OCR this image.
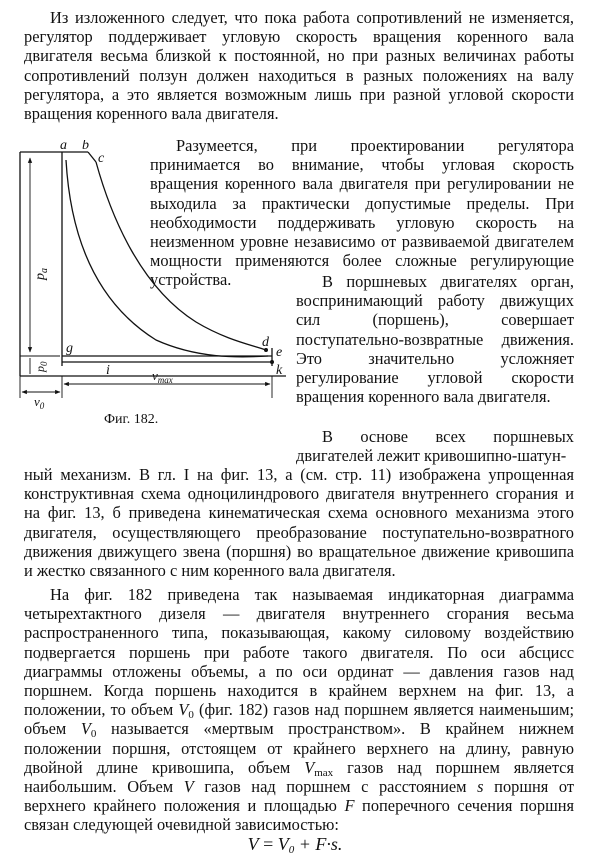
Из изложенного следует, что пока работа сопротивлений не изменяется, регулятор поддерживает угловую скорость вращения коренного вала двигателя весьма близкой к постоянной, но при разных величинах работы сопротивлений ползун должен находиться в разных положениях на валу регулятора, а это является возможным лишь при разной угловой скорости вращения коренного вала двигателя.

Разумеется, при проектировании регулятора принимается во внимание, чтобы угловая скорость вращения коренного вала двигателя при регулировании не выходила за практически допустимые пределы. При необходимости поддерживать угловую скорость на неизменном уровне независимо от развиваемой двигателем мощности применяются более сложные регулирующие устройства.	В поршневых двигателях орган, воспринимающий работу движущих сил (поршень), совершает поступательно-возвратные движения. Это значительно усложняет регулирование угловой скорости вращения коренного вала двигателя.

В основе всех поршневых двигателей лежит кривошипно-шатун-

ный механизм. В гл. I на фиг. 13, а (см. стр. 11) изображена упрощенная конструктивная схема одноцилиндрового двигателя внутреннего сгорания и на фиг. 13, б приведена кинематическая схема основного механизма этого двигателя, осуществляющего преобразование поступательно-возвратного движения движущего звена (поршня) во вращательное движение кривошипа и жестко связанного с ним коренного вала двигателя.

На фиг. 182 приведена так называемая индикаторная диаграмма четырехтактного дизеля — двигателя внутреннего сгорания весьма распространенного типа, показывающая, какому силовому воздействию подвергается поршень при работе такого двигателя. По оси абсцисс диаграммы отложены объемы, а по оси ординат — давления газов над поршнем. Когда поршень находится в крайнем верхнем на фиг. 13, а положении, то объем $V_0$ (фиг. 182) газов над поршнем является наименьшим; объем $V_0$ называется «мертвым пространством». В крайнем нижнем положении поршня, отстоящем от крайнего верхнего на длину, равную двойной длине кривошипа, объем $V_{max}$ газов над поршнем является наибольшим. Объем V газов над поршнем с расстоянием s поршня от верхнего крайнего положения и площадью F поперечного сечения поршня связан следующей очевидной зависимостью:

$V = V_0 + F\cdot s$.
a b
c
d
e
g
i	k
$p_a$
$p_0$
$v_0$
$v_{max}$
Фиг. 182.
